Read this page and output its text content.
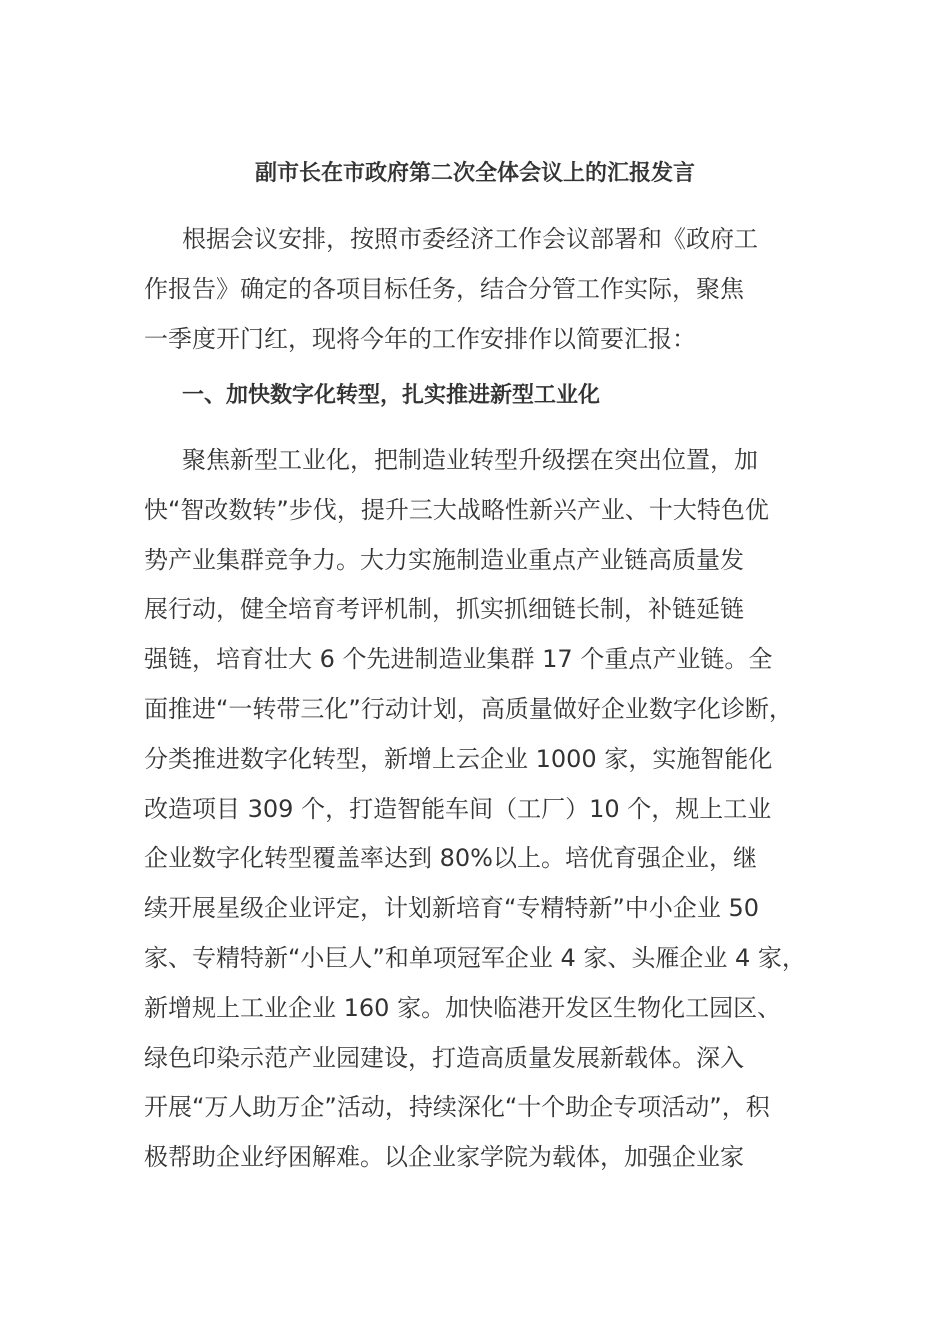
副市长在市政府第二次全体会议上的汇报发言

根据会议安排，按照市委经济工作会议部署和《政府工
作报告》确定的各项目标任务，结合分管工作实际，聚焦
一季度开门红，现将今年的工作安排作以简要汇报：

一、加快数字化转型，扎实推进新型工业化

聚焦新型工业化，把制造业转型升级摆在突出位置，加
快“智改数转”步伐，提升三大战略性新兴产业、十大特色优
势产业集群竞争力。大力实施制造业重点产业链高质量发
展行动，健全培育考评机制，抓实抓细链长制，补链延链
强链，培育壮大 6 个先进制造业集群 17 个重点产业链。全
面推进“一转带三化”行动计划，高质量做好企业数字化诊断，
分类推进数字化转型，新增上云企业 1000 家，实施智能化
改造项目 309 个，打造智能车间（工厂）10 个，规上工业
企业数字化转型覆盖率达到 80%以上。培优育强企业，继
续开展星级企业评定，计划新培育“专精特新”中小企业 50
家、专精特新“小巨人”和单项冠军企业 4 家、头雁企业 4 家，
新增规上工业企业 160 家。加快临港开发区生物化工园区、
绿色印染示范产业园建设，打造高质量发展新载体。深入
开展“万人助万企”活动，持续深化“十个助企专项活动”，积
极帮助企业纾困解难。以企业家学院为载体，加强企业家
